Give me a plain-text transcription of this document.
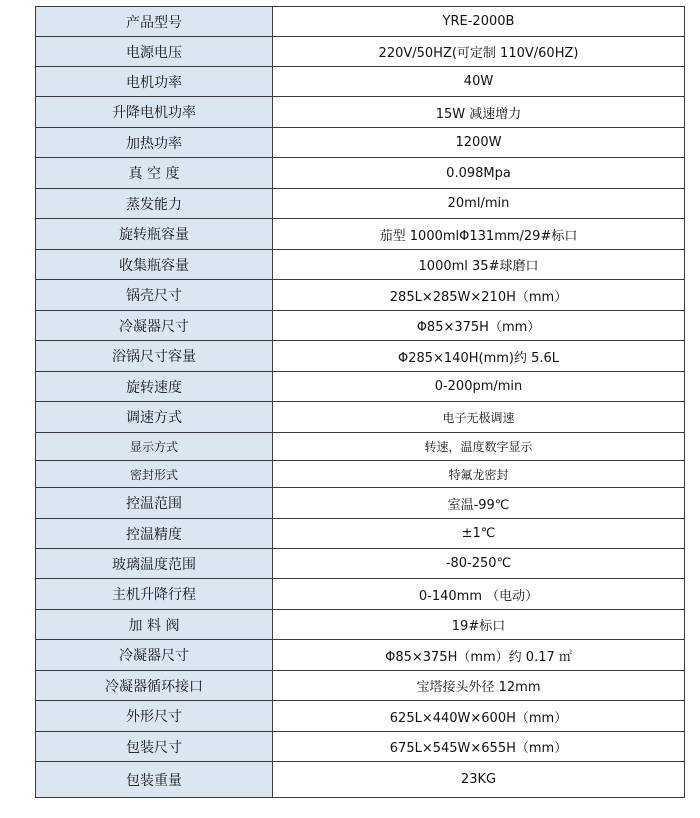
产品型号	YRE-2000B
电源电压	220V/50HZ(可定制 110V/60HZ)
电机功率	40W
升降电机功率	15W 减速增力
加热功率	1200W
真 空 度	0.098Mpa
蒸发能力	20ml/min
旋转瓶容量	茄型 1000mlΦ131mm/29#标口
收集瓶容量	1000ml 35#球磨口
锅壳尺寸	285L×285W×210H（mm）
冷凝器尺寸	Φ85×375H（mm）
浴锅尺寸容量	Φ285×140H(mm)约 5.6L
旋转速度	0-200pm/min
调速方式	电子无极调速
显示方式	转速，温度数字显示
密封形式	特氟龙密封
控温范围	室温-99℃
控温精度	±1℃
玻璃温度范围	-80-250℃
主机升降行程	0-140mm （电动）
加 料 阀	19#标口
冷凝器尺寸	Φ85×375H（mm）约 0.17 ㎡
冷凝器循环接口	宝塔接头外径 12mm
外形尺寸	625L×440W×600H（mm）
包装尺寸	675L×545W×655H（mm）
包装重量	23KG
